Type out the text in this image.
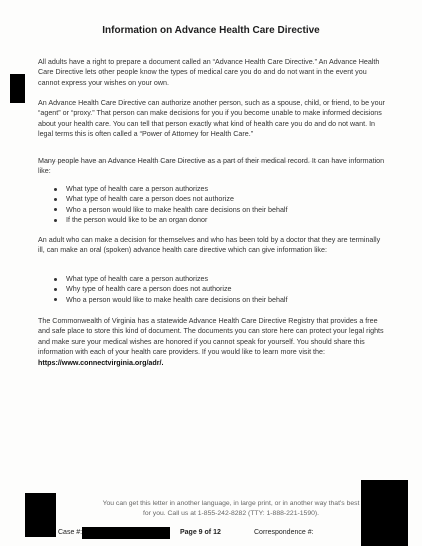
Information on Advance Health Care Directive
All adults have a right to prepare a document called an “Advance Health Care Directive.” An Advance Health Care Directive lets other people know the types of medical care you do and do not want in the event you cannot express your wishes on your own.
An Advance Health Care Directive can authorize another person, such as a spouse, child, or friend, to be your “agent” or “proxy.” That person can make decisions for you if you become unable to make informed decisions about your health care. You can tell that person exactly what kind of health care you do and do not want. In legal terms this is often called a “Power of Attorney for Health Care.”
Many people have an Advance Health Care Directive as a part of their medical record. It can have information like:
What type of health care a person authorizes
What type of health care a person does not authorize
Who a person would like to make health care decisions on their behalf
If the person would like to be an organ donor
An adult who can make a decision for themselves and who has been told by a doctor that they are terminally ill, can make an oral (spoken) advance health care directive which can give information like:
What type of health care a person authorizes
Why type of health care a person does not authorize
Who a person would like to make health care decisions on their behalf
The Commonwealth of Virginia has a statewide Advance Health Care Directive Registry that provides a free and safe place to store this kind of document. The documents you can store here can protect your legal rights and make sure your medical wishes are honored if you cannot speak for yourself. You should share this information with each of your health care providers. If you would like to learn more visit the: https://www.connectvirginia.org/adr/.
You can get this letter in another language, in large print, or in another way that's best for you. Call us at 1-855-242-8282 (TTY: 1-888-221-1590).
Case #:	Page 9 of 12	Correspondence #:
